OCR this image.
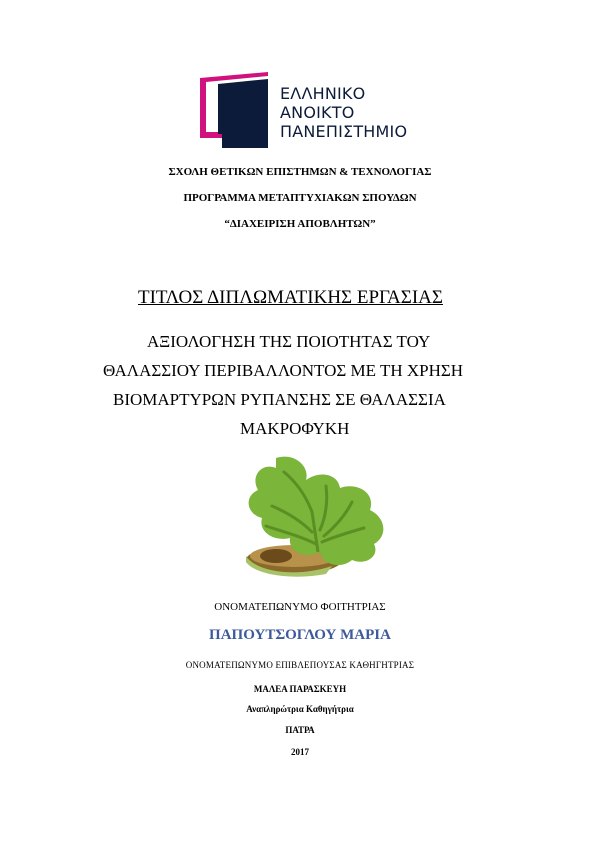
ΕΛΛΗΝΙΚΟ
ΑΝΟΙΚΤΟ
ΠΑΝΕΠΙΣΤΗΜΙΟ
ΣΧΟΛΗ ΘΕΤΙΚΩΝ ΕΠΙΣΤΗΜΩΝ & ΤΕΧΝΟΛΟΓΙΑΣ
ΠΡΟΓΡΑΜΜΑ ΜΕΤΑΠΤΥΧΙΑΚΩΝ ΣΠΟΥΔΩΝ
“ΔΙΑΧΕΙΡΙΣΗ ΑΠΟΒΛΗΤΩΝ”
ΤΙΤΛΟΣ ΔΙΠΛΩΜΑΤΙΚΗΣ ΕΡΓΑΣΙΑΣ
ΑΞΙΟΛΟΓΗΣΗ ΤΗΣ ΠΟΙΟΤΗΤΑΣ ΤΟΥ
ΘΑΛΑΣΣΙΟΥ ΠΕΡΙΒΑΛΛΟΝΤΟΣ ΜΕ ΤΗ ΧΡΗΣΗ
ΒΙΟΜΑΡΤΥΡΩΝ ΡΥΠΑΝΣΗΣ ΣΕ ΘΑΛΑΣΣΙΑ
ΜΑΚΡΟΦΥΚΗ
ΟΝΟΜΑΤΕΠΩΝΥΜΟ ΦΟΙΤΗΤΡΙΑΣ
ΠΑΠΟΥΤΣΟΓΛΟΥ ΜΑΡΙΑ
ΟΝΟΜΑΤΕΠΩΝΥΜΟ ΕΠΙΒΛΕΠΟΥΣΑΣ ΚΑΘΗΓΗΤΡΙΑΣ
ΜΑΛΕΑ ΠΑΡΑΣΚΕΥΗ
Αναπληρώτρια Καθηγήτρια
ΠΑΤΡΑ
2017
